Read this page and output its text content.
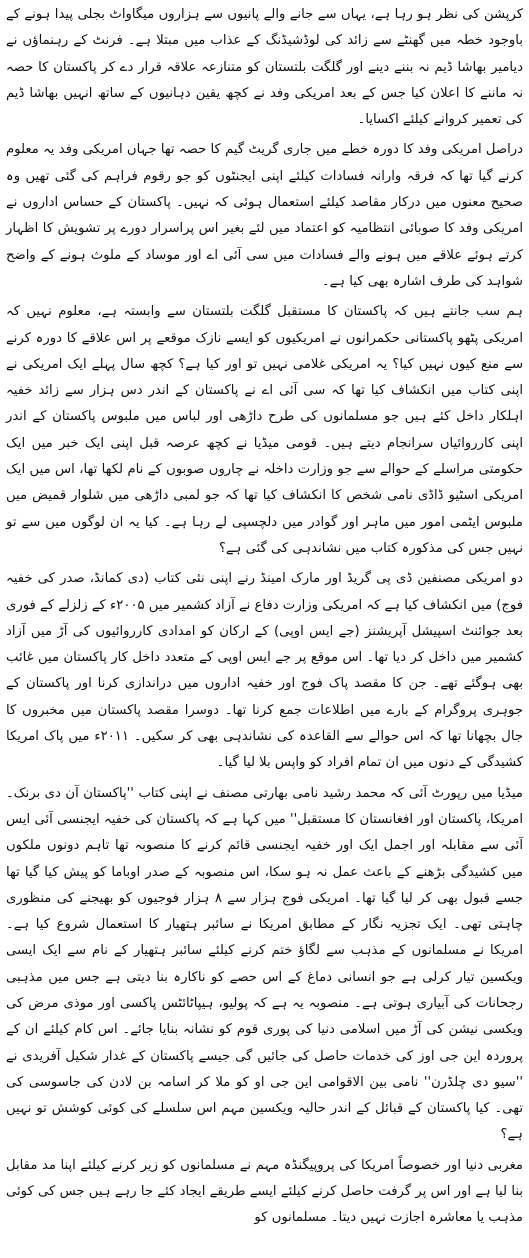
کرپشن کی نظر ہو رہا ہے، یہاں سے جانے والے پانیوں سے ہزاروں میگاواٹ بجلی پیدا ہونے کے باوجود خطہ میں گھنٹے سے زائد کی لوڈشیڈنگ کے عذاب میں مبتلا ہے۔ فرنٹ کے رہنماؤں نے دیامیر بھاشا ڈیم نہ بننے دینے اور گلگت بلتستان کو متنازعہ علاقہ قرار دے کر پاکستان کا حصہ نہ ماننے کا اعلان کیا جس کے بعد امریکی وفد نے کچھ یقین دہانیوں کے ساتھ انہیں بھاشا ڈیم کی تعمیر کروانے کیلئے اکسایا۔

دراصل امریکی وفد کا دورہ خطے میں جاری گریٹ گیم کا حصہ تھا جہاں امریکی وفد یہ معلوم کرنے گیا تھا کہ فرقہ وارانہ فسادات کیلئے اپنی ایجنٹوں کو جو رقوم فراہم کی گئی تھیں وہ صحیح معنوں میں درکار مقاصد کیلئے استعمال ہوئی کہ نہیں۔ پاکستان کے حساس اداروں نے امریکی وفد کا صوبائی انتظامیہ کو اعتماد میں لئے بغیر اس پراسرار دورے پر تشویش کا اظہار کرتے ہوئے علاقے میں ہونے والے فسادات میں سی آئی اے اور موساد کے ملوث ہونے کے واضح شواہد کی طرف اشارہ بھی کیا ہے۔

ہم سب جانتے ہیں کہ پاکستان کا مستقبل گلگت بلتستان سے وابستہ ہے، معلوم نہیں کہ امریکی پٹھو پاکستانی حکمرانوں نے امریکیوں کو ایسے نازک موقعے پر اس علاقے کا دورہ کرنے سے منع کیوں نہیں کیا؟ یہ امریکی غلامی نہیں تو اور کیا ہے؟ کچھ سال پہلے ایک امریکی نے اپنی کتاب میں انکشاف کیا تھا کہ سی آئی اے نے پاکستان کے اندر دس ہزار سے زائد خفیہ اہلکار داخل کئے ہیں جو مسلمانوں کی طرح داڑھی اور لباس میں ملبوس پاکستان کے اندر اپنی کارروائیاں سرانجام دیتے ہیں۔ قومی میڈیا نے کچھ عرصہ قبل اپنی ایک خبر میں ایک حکومتی مراسلے کے حوالے سے جو وزارت داخلہ نے چاروں صوبوں کے نام لکھا تھا، اس میں ایک امریکی اسٹیو ڈاڈی نامی شخص کا انکشاف کیا تھا کہ جو لمبی داڑھی میں شلوار قمیض میں ملبوس ایٹمی امور میں ماہر اور گوادر میں دلچسپی لے رہا ہے۔ کیا یہ ان لوگوں میں سے تو نہیں جس کی مذکورہ کتاب میں نشاندہی کی گئی ہے؟

دو امریکی مصنفین ڈی پی گریڈ اور مارک امینڈ رنے اپنی نئی کتاب (دی کمانڈ، صدر کی خفیہ فوج) میں انکشاف کیا ہے کہ امریکی وزارت دفاع نے آزاد کشمیر میں ۲۰۰۵ء کے زلزلے کے فوری بعد جوائنٹ اسپیشل آپریشنز (جے ایس اوپی) کے ارکان کو امدادی کارروائیوں کی آڑ میں آزاد کشمیر میں داخل کر دیا تھا۔ اس موقع پر جے ایس اوپی کے متعدد داخل کار پاکستان میں غائب بھی ہوگئے تھے۔ جن کا مقصد پاک فوج اور خفیہ اداروں میں دراندازی کرنا اور پاکستان کے جوہری پروگرام کے بارے میں اطلاعات جمع کرنا تھا۔ دوسرا مقصد پاکستان میں مخبروں کا جال بچھانا تھا کہ اس حوالے سے القاعدہ کی نشاندہی بھی کر سکیں۔ ۲۰۱۱ء میں پاک امریکا کشیدگی کے دنوں میں ان تمام افراد کو واپس بلا لیا گیا۔

میڈیا میں رپورٹ آئی کہ محمد رشید نامی بھارتی مصنف نے اپنی کتاب ''پاکستان آن دی برنک۔ امریکا، پاکستان اور افغانستان کا مستقبل'' میں کہا ہے کہ پاکستان کی خفیہ ایجنسی آئی ایس آئی سے مقابلہ اور اجمل ایک اور خفیہ ایجنسی قائم کرنے کا منصوبہ تھا تاہم دونوں ملکوں میں کشیدگی بڑھنے کے باعث عمل نہ ہو سکا، اس منصوبہ کے صدر اوباما کو پیش کیا گیا تھا جسے قبول بھی کر لیا گیا تھا۔ امریکی فوج ہزار سے ۸ ہزار فوجیوں کو بھیجنے کی منظوری چاہتی تھی۔ ایک تجزیہ نگار کے مطابق امریکا نے سائبر ہتھیار کا استعمال شروع کیا ہے۔ امریکا نے مسلمانوں کے مذہب سے لگاؤ ختم کرنے کیلئے سائبر ہتھیار کے نام سے ایک ایسی ویکسین تیار کرلی ہے جو انسانی دماغ کے اس حصے کو ناکارہ بنا دیتی ہے جس میں مذہبی رجحانات کی آبیاری ہوتی ہے۔ منصوبہ یہ ہے کہ پولیو، ہیپاٹائٹس پاکسی اور موذی مرض کی ویکسی نیشن کی آڑ میں اسلامی دنیا کی پوری قوم کو نشانہ بنایا جائے۔ اس کام کیلئے ان کے پروردہ این جی اوز کی خدمات حاصل کی جائیں گی جیسے پاکستان کے غدار شکیل آفریدی نے ''سیو دی چلڈرن'' نامی بین الاقوامی این جی او کو ملا کر اسامہ بن لادن کی جاسوسی کی تھی۔ کیا پاکستان کے قبائل کے اندر حالیہ ویکسین مہم اس سلسلے کی کوئی کوشش تو نہیں ہے؟

مغربی دنیا اور خصوصاً امریکا کی پروپیگنڈہ مہم نے مسلمانوں کو زیر کرنے کیلئے اپنا مد مقابل بنا لیا ہے اور اس پر گرفت حاصل کرنے کیلئے ایسے طریقے ایجاد کئے جا رہے ہیں جس کی کوئی مذہب یا معاشرہ اجازت نہیں دیتا۔ مسلمانوں کو
